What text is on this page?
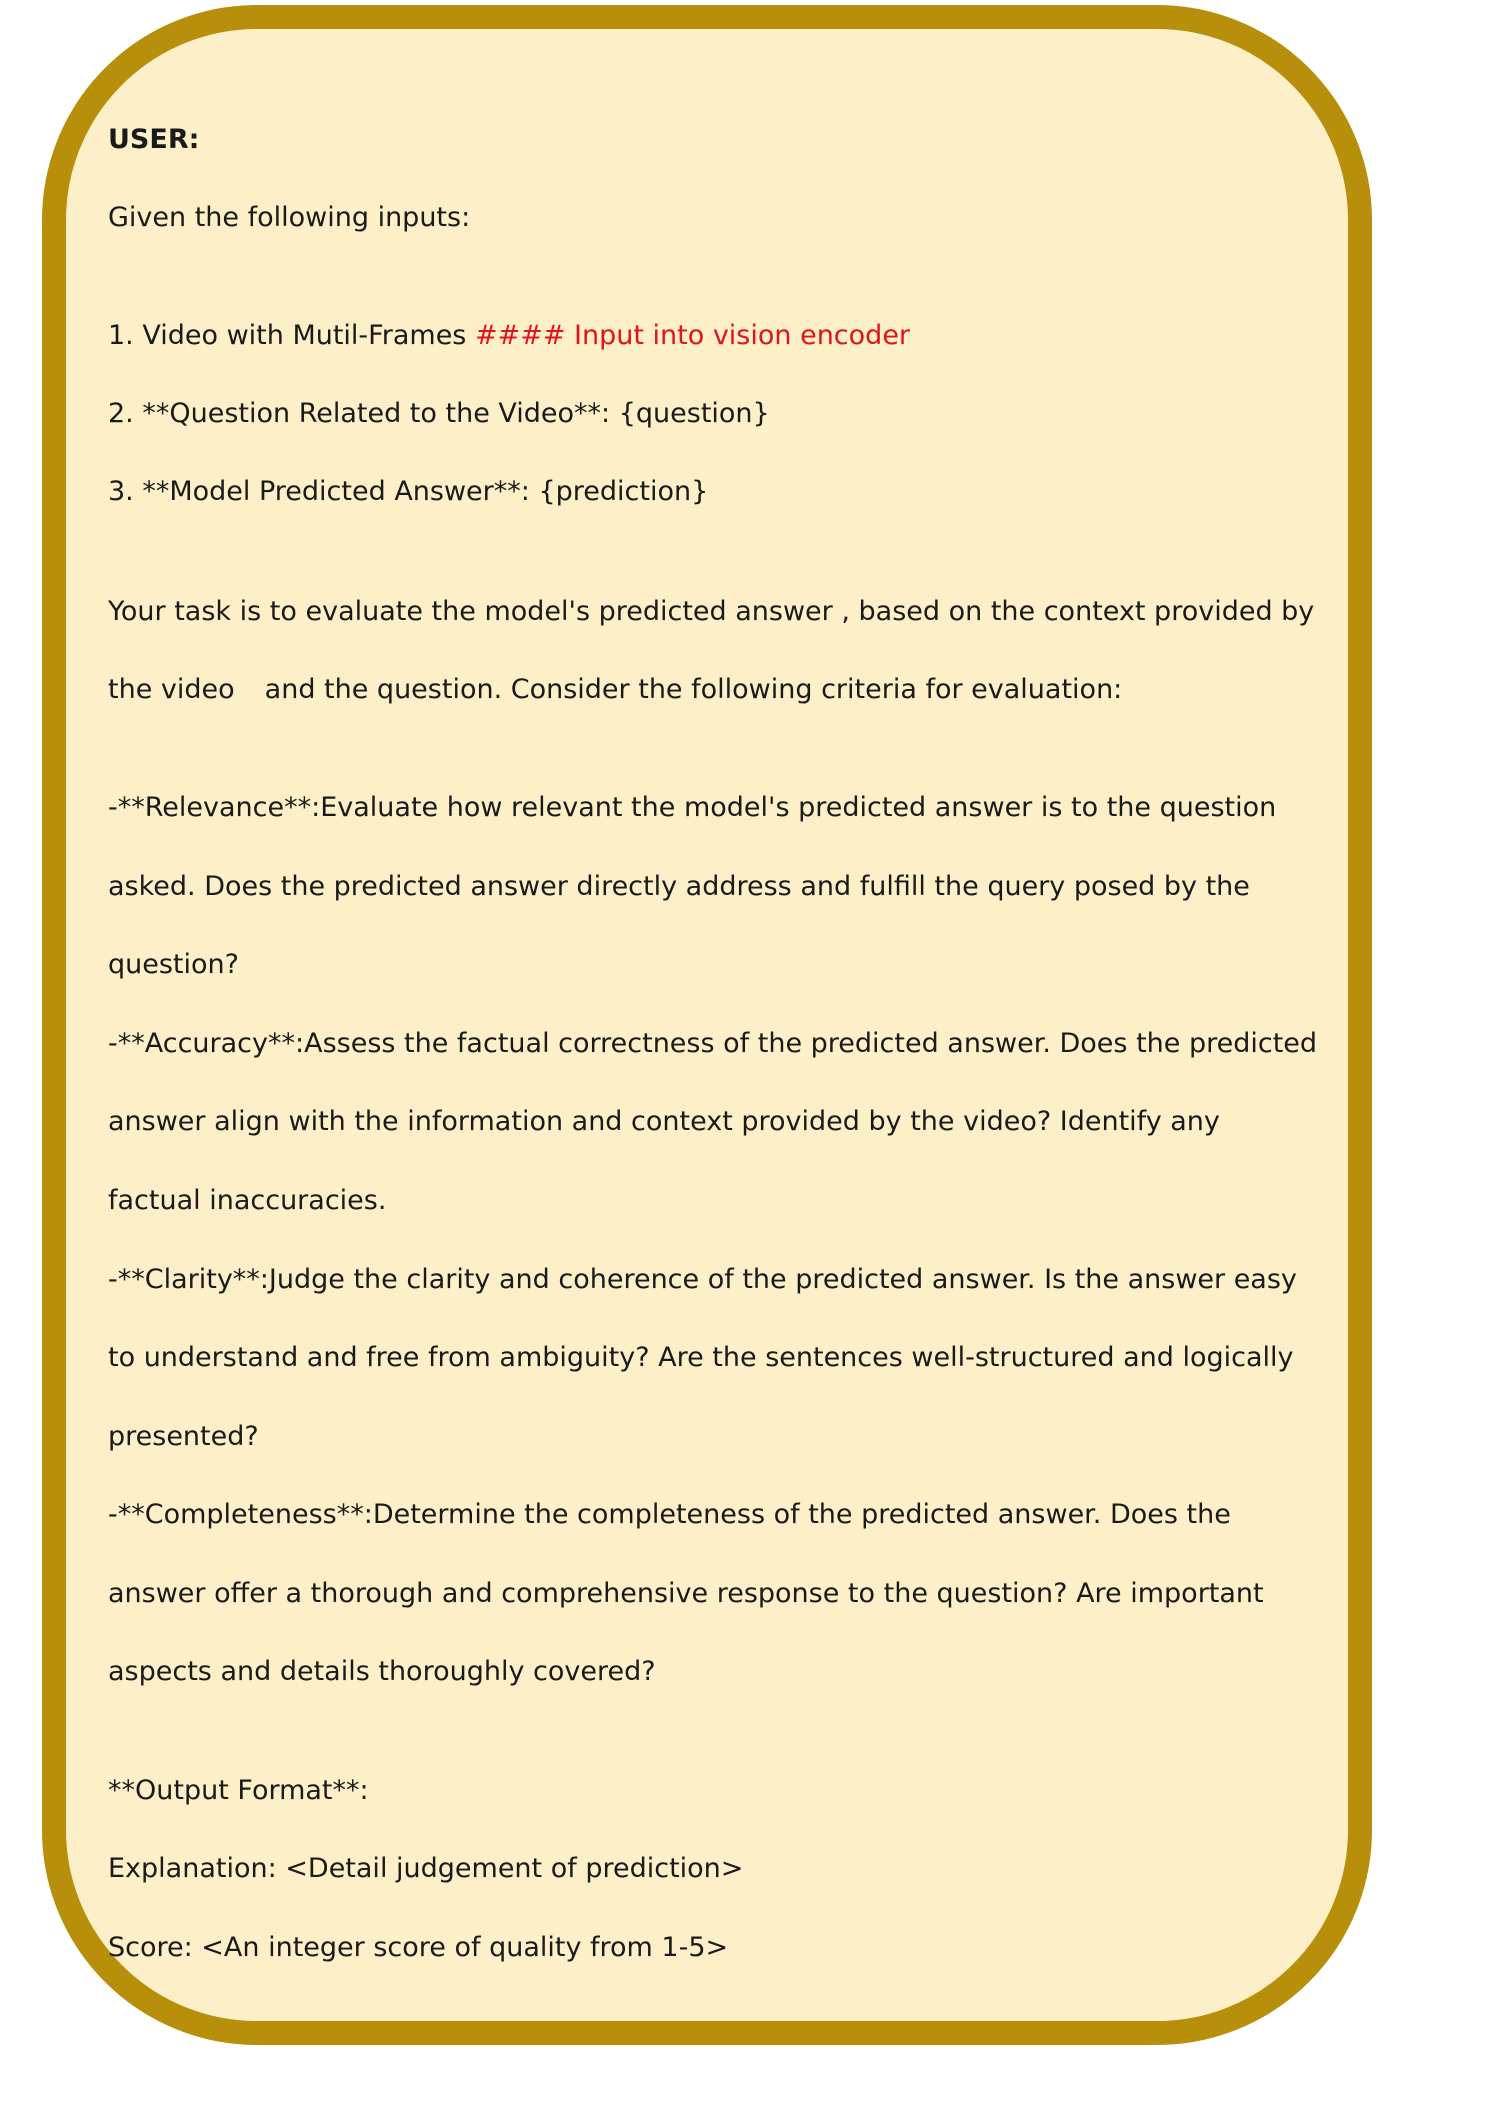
USER:
Given the following inputs:
1. Video with Mutil-Frames #### Input into vision encoder
2. **Question Related to the Video**: {question}
3. **Model Predicted Answer**: {prediction}
Your task is to evaluate the model's predicted answer , based on the context provided by
the video and the question. Consider the following criteria for evaluation:
-**Relevance**:Evaluate how relevant the model's predicted answer is to the question
asked. Does the predicted answer directly address and fulfill the query posed by the
question?
-**Accuracy**:Assess the factual correctness of the predicted answer. Does the predicted
answer align with the information and context provided by the video? Identify any
factual inaccuracies.
-**Clarity**:Judge the clarity and coherence of the predicted answer. Is the answer easy
to understand and free from ambiguity? Are the sentences well-structured and logically
presented?
-**Completeness**:Determine the completeness of the predicted answer. Does the
answer offer a thorough and comprehensive response to the question? Are important
aspects and details thoroughly covered?
**Output Format**:
Explanation: <Detail judgement of prediction>
Score: <An integer score of quality from 1-5>
